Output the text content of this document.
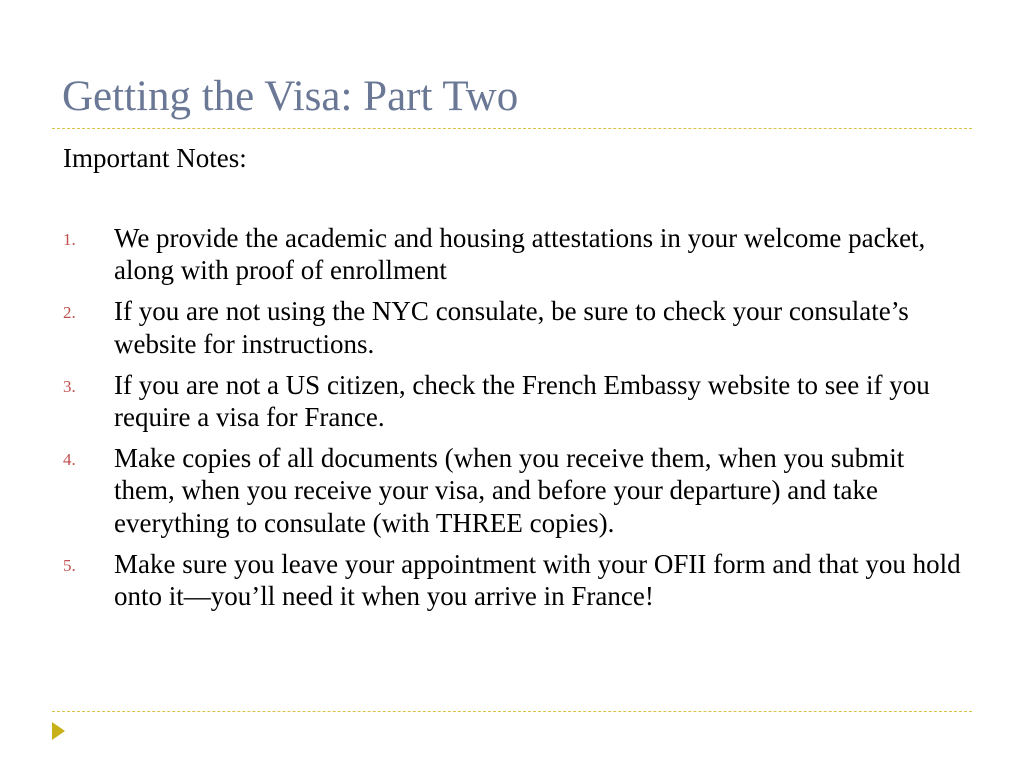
Getting the Visa: Part Two
Important Notes:
1.	We provide the academic and housing attestations in your welcome packet, along with proof of enrollment
2.	If you are not using the NYC consulate, be sure to check your consulate’s website for instructions.
3.	If you are not a US citizen, check the French Embassy website to see if you require a visa for France.
4.	Make copies of all documents (when you receive them, when you submit them, when you receive your visa, and before your departure) and take everything to consulate (with THREE copies).
5.	Make sure you leave your appointment with your OFII form and that you hold onto it—you’ll need it when you arrive in France!
